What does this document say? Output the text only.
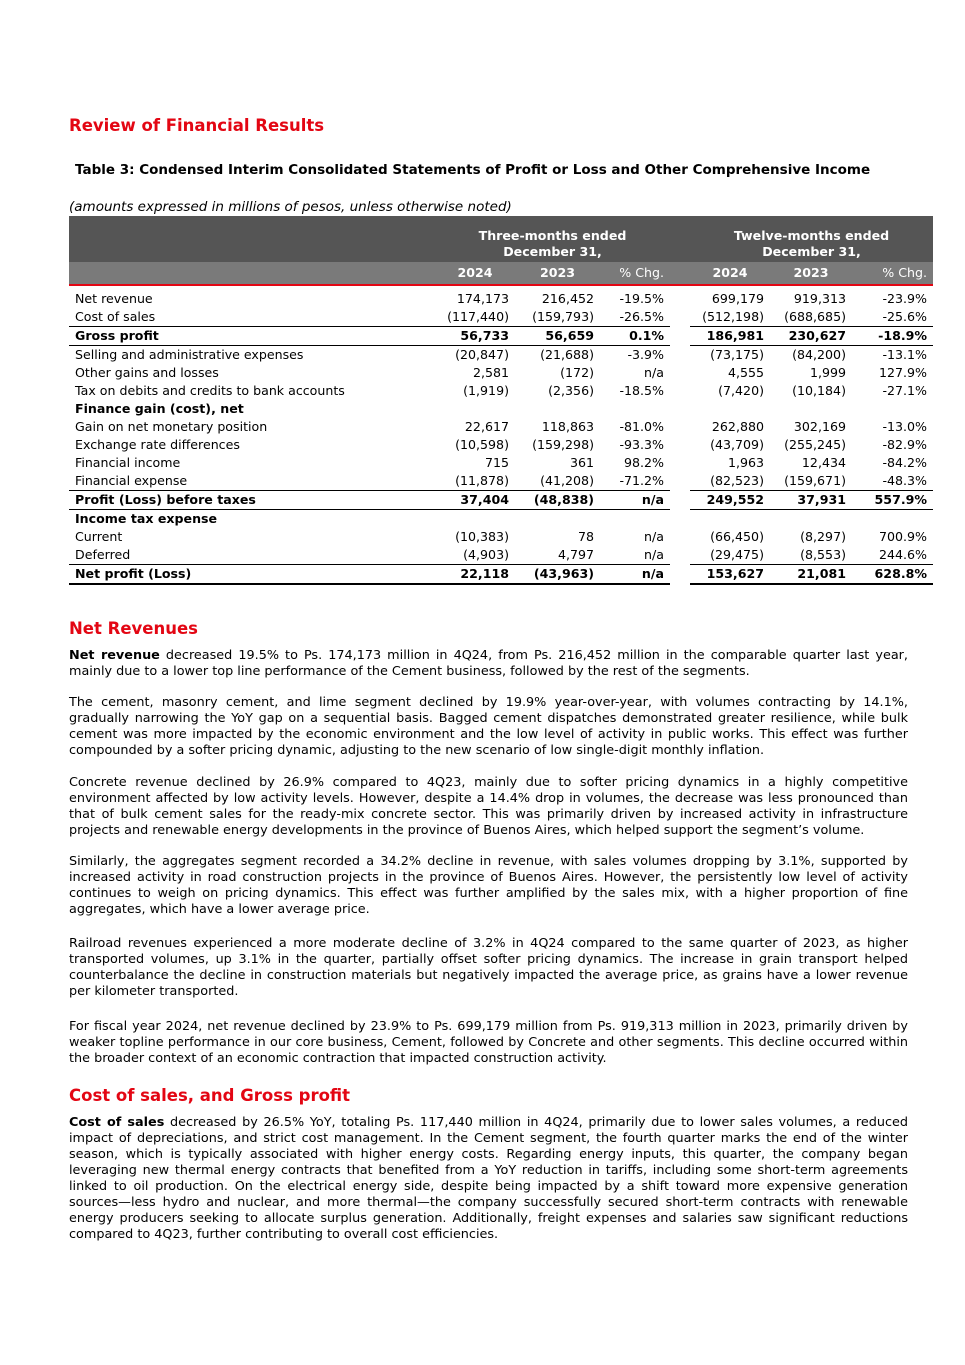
Review of Financial Results

Table 3: Condensed Interim Consolidated Statements of Profit or Loss and Other Comprehensive Income

(amounts expressed in millions of pesos, unless otherwise noted)
	Three-months ended December 31,				Twelve-months ended December 31,		
	2024	2023	% Chg.		2024	2023	% Chg.
Net revenue	174,173	216,452	-19.5%		699,179	919,313	-23.9%
Cost of sales	(117,440)	(159,793)	-26.5%		(512,198)	(688,685)	-25.6%
Gross profit	56,733	56,659	0.1%		186,981	230,627	-18.9%
Selling and administrative expenses	(20,847)	(21,688)	-3.9%		(73,175)	(84,200)	-13.1%
Other gains and losses	2,581	(172)	n/a		4,555	1,999	127.9%
Tax on debits and credits to bank accounts	(1,919)	(2,356)	-18.5%		(7,420)	(10,184)	-27.1%
Finance gain (cost), net							
Gain on net monetary position	22,617	118,863	-81.0%		262,880	302,169	-13.0%
Exchange rate differences	(10,598)	(159,298)	-93.3%		(43,709)	(255,245)	-82.9%
Financial income	715	361	98.2%		1,963	12,434	-84.2%
Financial expense	(11,878)	(41,208)	-71.2%		(82,523)	(159,671)	-48.3%
Profit (Loss) before taxes	37,404	(48,838)	n/a		249,552	37,931	557.9%
Income tax expense							
Current	(10,383)	78	n/a		(66,450)	(8,297)	700.9%
Deferred	(4,903)	4,797	n/a		(29,475)	(8,553)	244.6%
Net profit (Loss)	22,118	(43,963)	n/a		153,627	21,081	628.8%
Net Revenues

Net revenue decreased 19.5% to Ps. 174,173 million in 4Q24, from Ps. 216,452 million in the comparable quarter last year, mainly due to a lower top line performance of the Cement business, followed by the rest of the segments.

The cement, masonry cement, and lime segment declined by 19.9% year-over-year, with volumes contracting by 14.1%, gradually narrowing the YoY gap on a sequential basis. Bagged cement dispatches demonstrated greater resilience, while bulk cement was more impacted by the economic environment and the low level of activity in public works. This effect was further compounded by a softer pricing dynamic, adjusting to the new scenario of low single-digit monthly inflation.

Concrete revenue declined by 26.9% compared to 4Q23, mainly due to softer pricing dynamics in a highly competitive environment affected by low activity levels. However, despite a 14.4% drop in volumes, the decrease was less pronounced than that of bulk cement sales for the ready-mix concrete sector. This was primarily driven by increased activity in infrastructure projects and renewable energy developments in the province of Buenos Aires, which helped support the segment’s volume.

Similarly, the aggregates segment recorded a 34.2% decline in revenue, with sales volumes dropping by 3.1%, supported by increased activity in road construction projects in the province of Buenos Aires. However, the persistently low level of activity continues to weigh on pricing dynamics. This effect was further amplified by the sales mix, with a higher proportion of fine aggregates, which have a lower average price.

Railroad revenues experienced a more moderate decline of 3.2% in 4Q24 compared to the same quarter of 2023, as higher transported volumes, up 3.1% in the quarter, partially offset softer pricing dynamics. The increase in grain transport helped counterbalance the decline in construction materials but negatively impacted the average price, as grains have a lower revenue per kilometer transported.

For fiscal year 2024, net revenue declined by 23.9% to Ps. 699,179 million from Ps. 919,313 million in 2023, primarily driven by weaker topline performance in our core business, Cement, followed by Concrete and other segments. This decline occurred within the broader context of an economic contraction that impacted construction activity.

Cost of sales, and Gross profit

Cost of sales decreased by 26.5% YoY, totaling Ps. 117,440 million in 4Q24, primarily due to lower sales volumes, a reduced impact of depreciations, and strict cost management. In the Cement segment, the fourth quarter marks the end of the winter season, which is typically associated with higher energy costs. Regarding energy inputs, this quarter, the company began leveraging new thermal energy contracts that benefited from a YoY reduction in tariffs, including some short-term agreements linked to oil production. On the electrical energy side, despite being impacted by a shift toward more expensive generation sources—less hydro and nuclear, and more thermal—the company successfully secured short-term contracts with renewable energy producers seeking to allocate surplus generation. Additionally, freight expenses and salaries saw significant reductions compared to 4Q23, further contributing to overall cost efficiencies.
